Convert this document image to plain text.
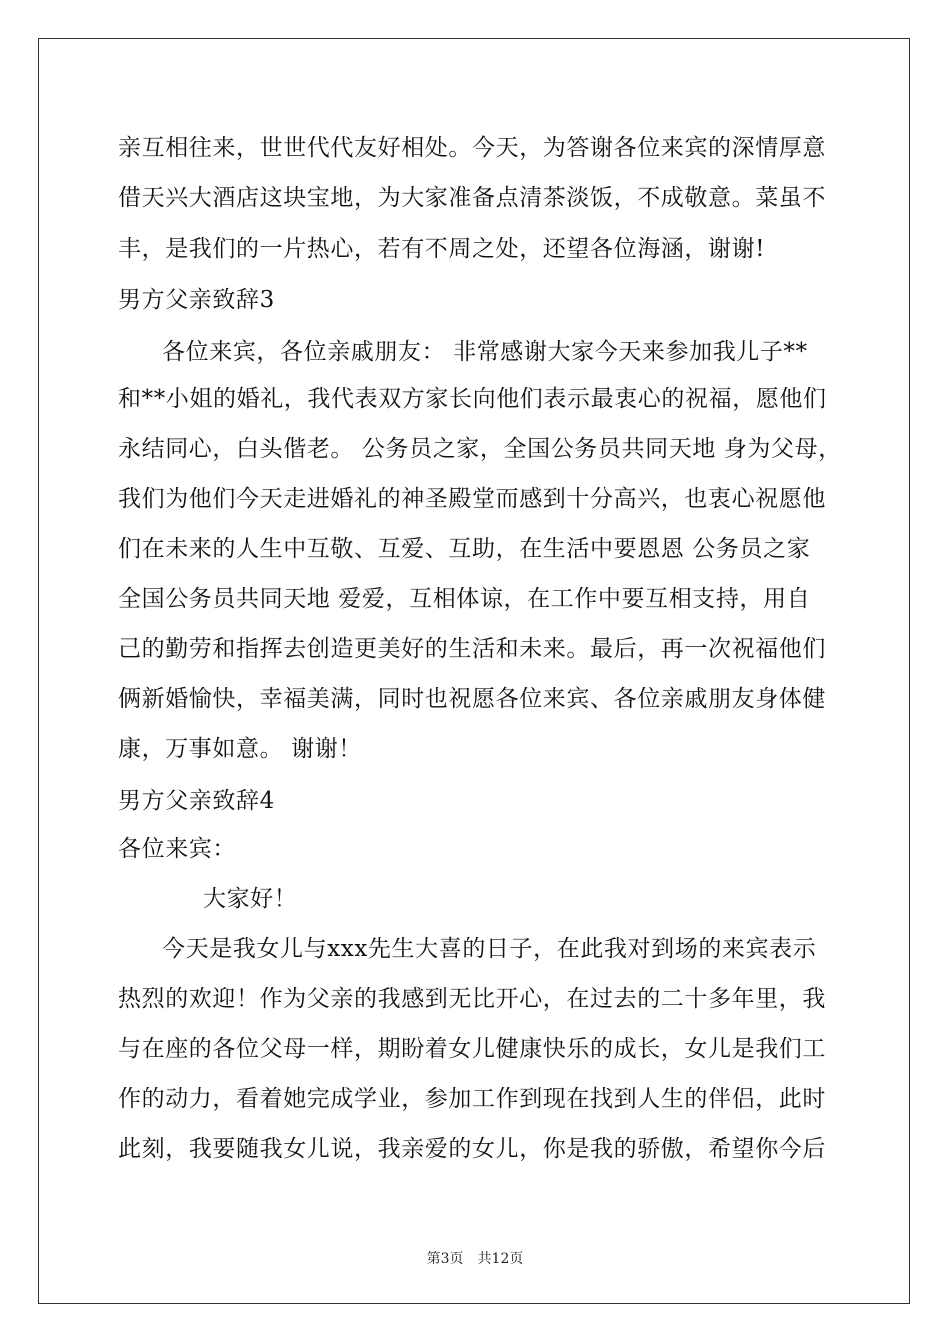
亲互相往来，世世代代友好相处。今天，为答谢各位来宾的深情厚意

借天兴大酒店这块宝地，为大家准备点清茶淡饭，不成敬意。菜虽不

丰，是我们的一片热心，若有不周之处，还望各位海涵，谢谢!

男方父亲致辞3

各位来宾，各位亲戚朋友： 非常感谢大家今天来参加我儿子**

和**小姐的婚礼，我代表双方家长向他们表示最衷心的祝福，愿他们

永结同心，白头偕老。 公务员之家，全国公务员共同天地 身为父母，

我们为他们今天走进婚礼的神圣殿堂而感到十分高兴，也衷心祝愿他

们在未来的人生中互敬、互爱、互助，在生活中要恩恩 公务员之家

全国公务员共同天地 爱爱，互相体谅，在工作中要互相支持，用自

己的勤劳和指挥去创造更美好的生活和未来。最后，再一次祝福他们

俩新婚愉快，幸福美满，同时也祝愿各位来宾、各位亲戚朋友身体健

康，万事如意。 谢谢！

男方父亲致辞4

各位来宾：

大家好！

今天是我女儿与xxx先生大喜的日子，在此我对到场的来宾表示

热烈的欢迎！作为父亲的我感到无比开心，在过去的二十多年里，我

与在座的各位父母一样，期盼着女儿健康快乐的成长，女儿是我们工

作的动力，看着她完成学业，参加工作到现在找到人生的伴侣，此时

此刻，我要随我女儿说，我亲爱的女儿，你是我的骄傲，希望你今后

第3页 共12页
